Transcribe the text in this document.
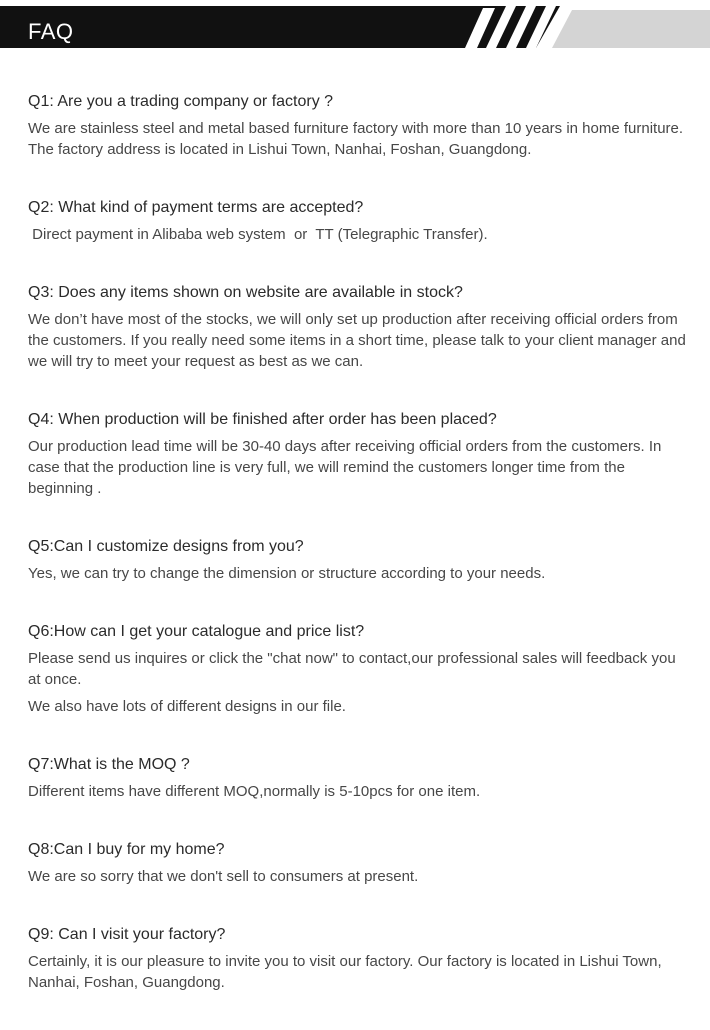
FAQ
Q1: Are you a trading company or factory ?
We are stainless steel and metal based furniture factory with more than 10 years in home furniture. The factory address is located in Lishui Town, Nanhai, Foshan, Guangdong.
Q2: What kind of payment terms are accepted?
Direct payment in Alibaba web system  or  TT (Telegraphic Transfer).
Q3: Does any items shown on website are available in stock?
We don’t have most of the stocks, we will only set up production after receiving official orders from the customers. If you really need some items in a short time, please talk to your client manager and we will try to meet your request as best as we can.
Q4: When production will be finished after order has been placed?
Our production lead time will be 30-40 days after receiving official orders from the customers. In case that the production line is very full, we will remind the customers longer time from the beginning .
Q5:Can I customize designs from you?
Yes, we can try to change the dimension or structure according to your needs.
Q6:How can I get your catalogue and price list?
Please send us inquires or click the "chat now" to contact,our professional sales will feedback you at once.
We also have lots of different designs in our file.
Q7:What is the MOQ ?
Different items have different MOQ,normally is 5-10pcs for one item.
Q8:Can I buy for my home?
We are so sorry that we don't sell to consumers at present.
Q9: Can I visit your factory?
Certainly, it is our pleasure to invite you to visit our factory. Our factory is located in Lishui Town, Nanhai, Foshan, Guangdong.
